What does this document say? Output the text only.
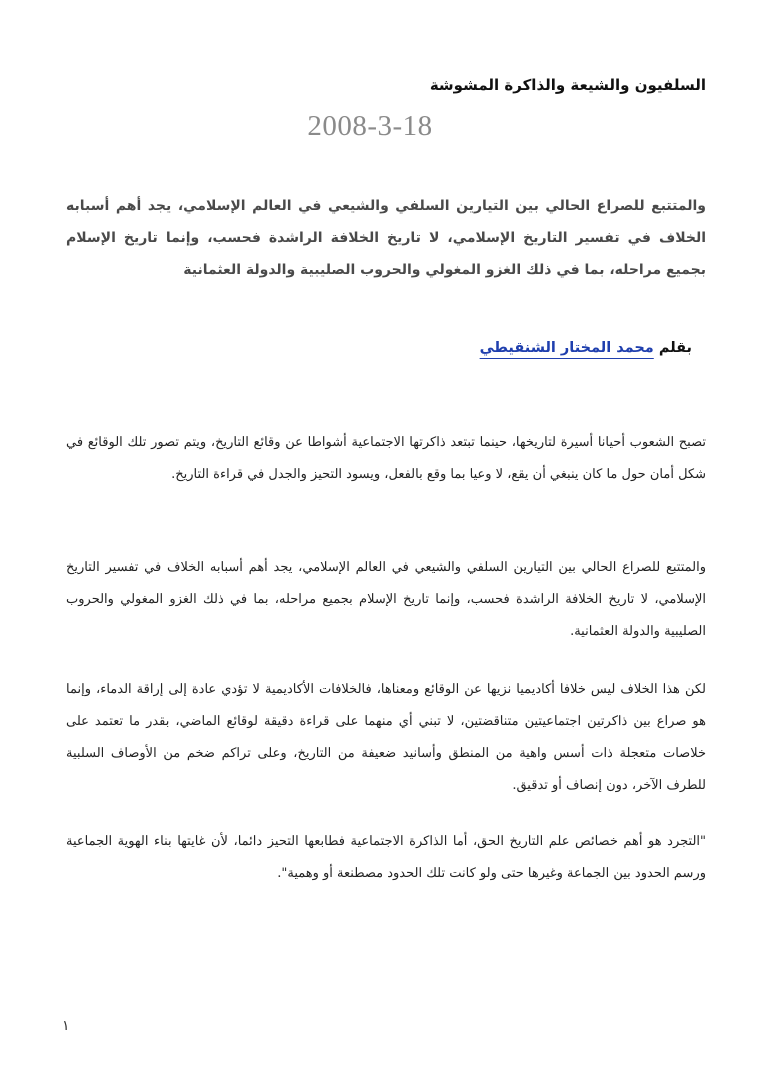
السلفيون والشيعة والذاكرة المشوشة
2008-3-18
والمتتبع للصراع الحالي بين التيارين السلفي والشيعي في العالم الإسلامي، يجد أهم أسبابه الخلاف في تفسير التاريخ الإسلامي، لا تاريخ الخلافة الراشدة فحسب، وإنما تاريخ الإسلام بجميع مراحله، بما في ذلك الغزو المغولي والحروب الصليبية والدولة العثمانية
بقلم محمد المختار الشنقيطي

تصبح الشعوب أحيانا أسيرة لتاريخها، حينما تبتعد ذاكرتها الاجتماعية أشواطا عن وقائع التاريخ، ويتم تصور تلك الوقائع في شكل أمان حول ما كان ينبغي أن يقع، لا وعيا بما وقع بالفعل، ويسود التحيز والجدل في قراءة التاريخ.

والمتتبع للصراع الحالي بين التيارين السلفي والشيعي في العالم الإسلامي، يجد أهم أسبابه الخلاف في تفسير التاريخ الإسلامي، لا تاريخ الخلافة الراشدة فحسب، وإنما تاريخ الإسلام بجميع مراحله، بما في ذلك الغزو المغولي والحروب الصليبية والدولة العثمانية.

لكن هذا الخلاف ليس خلافا أكاديميا نزيها عن الوقائع ومعناها، فالخلافات الأكاديمية لا تؤدي عادة إلى إراقة الدماء، وإنما هو صراع بين ذاكرتين اجتماعيتين متناقضتين، لا تبني أي منهما على قراءة دقيقة لوقائع الماضي، بقدر ما تعتمد على خلاصات متعجلة ذات أسس واهية من المنطق وأسانيد ضعيفة من التاريخ، وعلى تراكم ضخم من الأوصاف السلبية للطرف الآخر، دون إنصاف أو تدقيق.

"التجرد هو أهم خصائص علم التاريخ الحق، أما الذاكرة الاجتماعية فطابعها التحيز دائما، لأن غايتها بناء الهوية الجماعية ورسم الحدود بين الجماعة وغيرها حتى ولو كانت تلك الحدود مصطنعة أو وهمية".

١
